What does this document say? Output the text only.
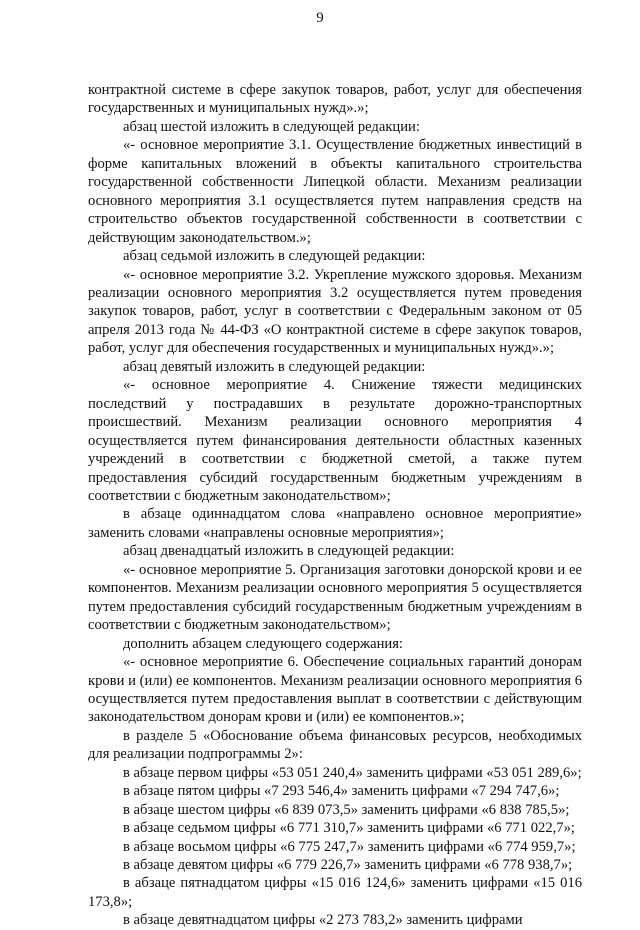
9

контрактной системе в сфере закупок товаров, работ, услуг для обеспечения государственных и муниципальных нужд».»;

абзац шестой изложить в следующей редакции:

«- основное мероприятие 3.1. Осуществление бюджетных инвестиций в форме капитальных вложений в объекты капитального строительства государственной собственности Липецкой области. Механизм реализации основного мероприятия 3.1 осуществляется путем направления средств на строительство объектов государственной собственности в соответствии с действующим законодательством.»;

абзац седьмой изложить в следующей редакции:

«- основное мероприятие 3.2. Укрепление мужского здоровья. Механизм реализации основного мероприятия 3.2 осуществляется путем проведения закупок товаров, работ, услуг в соответствии с Федеральным законом от 05 апреля 2013 года № 44-ФЗ «О контрактной системе в сфере закупок товаров, работ, услуг для обеспечения государственных и муниципальных нужд».»;

абзац девятый изложить в следующей редакции:

«- основное мероприятие 4. Снижение тяжести медицинских последствий у пострадавших в результате дорожно-транспортных происшествий. Механизм реализации основного мероприятия 4 осуществляется путем финансирования деятельности областных казенных учреждений в соответствии с бюджетной сметой, а также путем предоставления субсидий государственным бюджетным учреждениям в соответствии с бюджетным законодательством»;

в абзаце одиннадцатом слова «направлено основное мероприятие» заменить словами «направлены основные мероприятия»;

абзац двенадцатый изложить в следующей редакции:

«- основное мероприятие 5. Организация заготовки донорской крови и ее компонентов. Механизм реализации основного мероприятия 5 осуществляется путем предоставления субсидий государственным бюджетным учреждениям в соответствии с бюджетным законодательством»;

дополнить абзацем следующего содержания:

«- основное мероприятие 6. Обеспечение социальных гарантий донорам крови и (или) ее компонентов. Механизм реализации основного мероприятия 6 осуществляется путем предоставления выплат в соответствии с действующим законодательством донорам крови и (или) ее компонентов.»;

в разделе 5 «Обоснование объема финансовых ресурсов, необходимых для реализации подпрограммы 2»:

в абзаце первом цифры «53 051 240,4» заменить цифрами «53 051 289,6»;

в абзаце пятом цифры «7 293 546,4» заменить цифрами «7 294 747,6»;

в абзаце шестом цифры «6 839 073,5» заменить цифрами «6 838 785,5»;

в абзаце седьмом цифры «6 771 310,7» заменить цифрами «6 771 022,7»;

в абзаце восьмом цифры «6 775 247,7» заменить цифрами «6 774 959,7»;

в абзаце девятом цифры «6 779 226,7» заменить цифрами «6 778 938,7»;

в абзаце пятнадцатом цифры «15 016 124,6» заменить цифрами «15 016 173,8»;

в абзаце девятнадцатом цифры «2 273 783,2» заменить цифрами
